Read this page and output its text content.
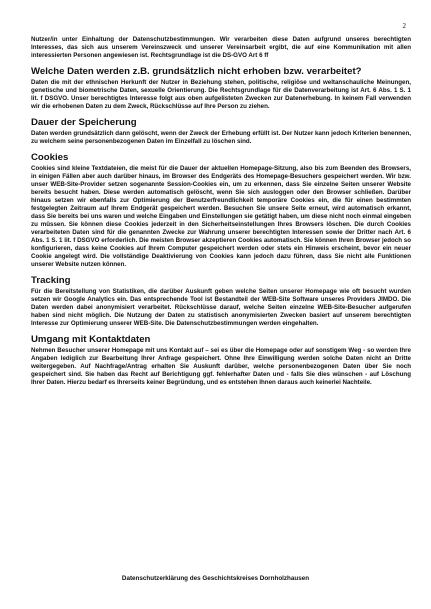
2

Nutzer/in unter Einhaltung der Datenschutzbestimmungen. Wir verarbeiten diese Daten aufgrund unseres berechtigten Interesses, das sich aus unserem Vereinszweck und unserer Vereinsarbeit ergibt, die auf eine Kommunikation mit allen interessierten Personen angewiesen ist. Rechtsgrundlage ist die DS-GVO Art 6 ff

Welche Daten werden z.B. grundsätzlich nicht erhoben bzw. verarbeitet?

Daten die mit der ethnischen Herkunft der Nutzer in Beziehung stehen, politische, religiöse und weltanschauliche Meinungen, genetische und biometrische Daten, sexuelle Orientierung. Die Rechtsgrundlage für die Datenverarbeitung ist Art. 6 Abs. 1 S. 1 lit. f DSGVO. Unser berechtigtes Interesse folgt aus oben aufgelisteten Zwecken zur Datenerhebung. In keinem Fall verwenden wir die erhobenen Daten zu dem Zweck, Rückschlüsse auf Ihre Person zu ziehen.

Dauer der Speicherung

Daten werden grundsätzlich dann gelöscht, wenn der Zweck der Erhebung erfüllt ist. Der Nutzer kann jedoch Kriterien benennen, zu welchem seine personenbezogenen Daten im Einzelfall zu löschen sind.

Cookies

Cookies sind kleine Textdateien, die meist für die Dauer der aktuellen Homepage-Sitzung, also bis zum Beenden des Browsers, in einigen Fällen aber auch darüber hinaus, im Browser des Endgeräts des Homepage-Besuchers gespeichert werden. Wir bzw. unser WEB-Site-Provider setzen sogenannte Session-Cookies ein, um zu erkennen, dass Sie einzelne Seiten unserer Website bereits besucht haben. Diese werden automatisch gelöscht, wenn Sie sich ausloggen oder den Browser schließen. Darüber hinaus setzen wir ebenfalls zur Optimierung der Benutzerfreundlichkeit temporäre Cookies ein, die für einen bestimmten festgelegten Zeitraum auf Ihrem Endgerät gespeichert werden. Besuchen Sie unsere Seite erneut, wird automatisch erkannt, dass Sie bereits bei uns waren und welche Eingaben und Einstellungen sie getätigt haben, um diese nicht noch einmal eingeben zu müssen. Sie können diese Cookies jederzeit in den Sicherheitseinstellungen Ihres Browsers löschen. Die durch Cookies verarbeiteten Daten sind für die genannten Zwecke zur Wahrung unserer berechtigten Interessen sowie der Dritter nach Art. 6 Abs. 1 S. 1 lit. f DSGVO erforderlich. Die meisten Browser akzeptieren Cookies automatisch. Sie können Ihren Browser jedoch so konfigurieren, dass keine Cookies auf Ihrem Computer gespeichert werden oder stets ein Hinweis erscheint, bevor ein neuer Cookie angelegt wird. Die vollständige Deaktivierung von Cookies kann jedoch dazu führen, dass Sie nicht alle Funktionen unserer Website nutzen können.

Tracking

Für die Bereitstellung von Statistiken, die darüber Auskunft geben welche Seiten unserer Homepage wie oft besucht wurden setzen wir Google Analytics ein. Das entsprechende Tool ist Bestandteil der WEB-Site Software unseres Providers JIMDO. Die Daten werden dabei anonymisiert verarbeitet. Rückschlüsse darauf, welche Seiten einzelne WEB-Site-Besucher aufgerufen haben sind nicht möglich. Die Nutzung der Daten zu statistisch anonymisierten Zwecken basiert auf unserem berechtigten Interesse zur Optimierung unserer WEB-Site. Die Datenschutzbestimmungen werden eingehalten.

Umgang mit Kontaktdaten

Nehmen Besucher unserer Homepage mit uns Kontakt auf – sei es über die Homepage oder auf sonstigem Weg - so werden Ihre Angaben lediglich zur Bearbeitung Ihrer Anfrage gespeichert. Ohne Ihre Einwilligung werden solche Daten nicht an Dritte weitergegeben. Auf Nachfrage/Antrag erhalten Sie Auskunft darüber, welche personenbezogenen Daten über Sie noch gespeichert sind. Sie haben das Recht auf Berichtigung ggf. fehlerhafter Daten und - falls Sie dies wünschen - auf Löschung Ihrer Daten. Hierzu bedarf es Ihrerseits keiner Begründung, und es entstehen Ihnen daraus auch keinerlei Nachteile.

Datenschutzerklärung des Geschichtskreises Dornholzhausen
